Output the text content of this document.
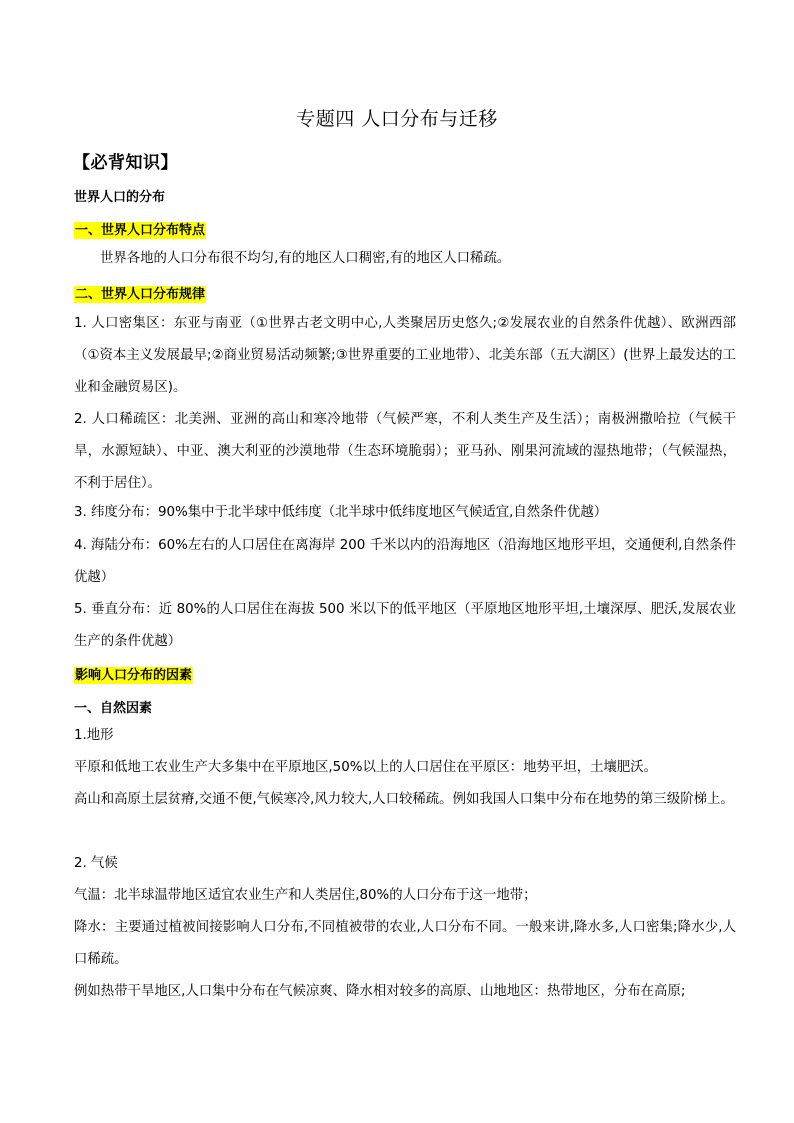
专题四 人口分布与迁移
【必背知识】
世界人口的分布
一、世界人口分布特点
世界各地的人口分布很不均匀,有的地区人口稠密,有的地区人口稀疏。
二、世界人口分布规律
1. 人口密集区：东亚与南亚（①世界古老文明中心,人类聚居历史悠久;②发展农业的自然条件优越）、欧洲西部（①资本主义发展最早;②商业贸易活动频繁;③世界重要的工业地带）、北美东部（五大湖区）(世界上最发达的工业和金融贸易区)。
2. 人口稀疏区：北美洲、亚洲的高山和寒冷地带（气候严寒，不利人类生产及生活）；南极洲撒哈拉（气候干旱，水源短缺）、中亚、澳大利亚的沙漠地带（生态环境脆弱）；亚马孙、刚果河流域的湿热地带；（气候湿热，不利于居住）。
3. 纬度分布：90%集中于北半球中低纬度（北半球中低纬度地区气候适宜,自然条件优越）
4. 海陆分布：60%左右的人口居住在离海岸 200 千米以内的沿海地区（沿海地区地形平坦，交通便利,自然条件优越）
5. 垂直分布：近 80%的人口居住在海拔 500 米以下的低平地区（平原地区地形平坦,土壤深厚、肥沃,发展农业生产的条件优越）
影响人口分布的因素
一、自然因素
1.地形
平原和低地工农业生产大多集中在平原地区,50%以上的人口居住在平原区：地势平坦，土壤肥沃。
高山和高原土层贫瘠,交通不便,气候寒冷,风力较大,人口较稀疏。例如我国人口集中分布在地势的第三级阶梯上。
2. 气候
气温：北半球温带地区适宜农业生产和人类居住,80%的人口分布于这一地带；
降水：主要通过植被间接影响人口分布,不同植被带的农业,人口分布不同。一般来讲,降水多,人口密集;降水少,人口稀疏。
例如热带干旱地区,人口集中分布在气候凉爽、降水相对较多的高原、山地地区：热带地区，分布在高原;
